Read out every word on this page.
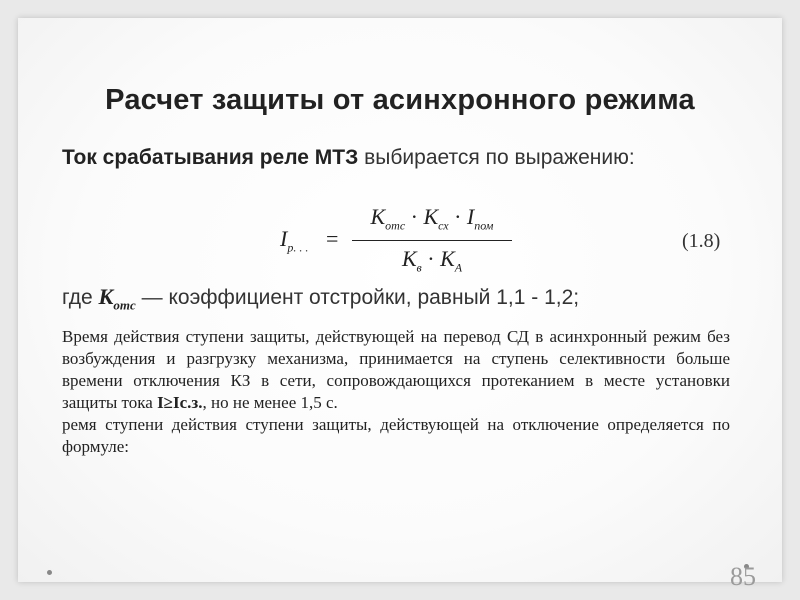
Расчет защиты от асинхронного режима
Ток срабатывания реле МТЗ выбирается по выражению:
$I_{р. . .}$ =
$К_{отс} \cdot К_{сх} \cdot I_{пом}$
$К_в \cdot К_А$
(1.8)
где $К_{отс}$ — коэффициент отстройки, равный 1,1 - 1,2;

Время действия ступени защиты, действующей на перевод СД в асинхронный режим без возбуждения и разгрузку механизма, принимается на ступень селективности больше времени отключения КЗ в сети, сопровождающихся протеканием в месте установки защиты тока I≥Ic.з., но не менее 1,5 с.

ремя ступени действия ступени защиты, действующей на отключение определяется по формуле:

85
